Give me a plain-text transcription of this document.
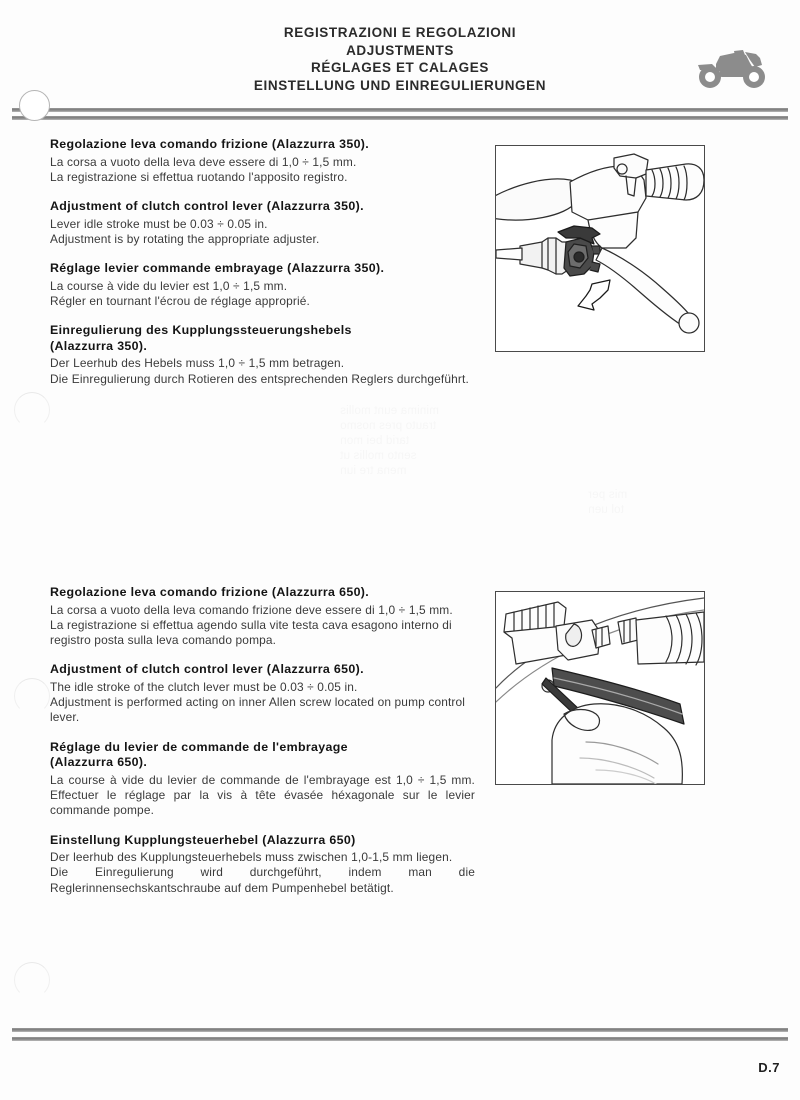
REGISTRAZIONI E REGOLAZIONI
ADJUSTMENTS
RÉGLAGES ET CALAGES
EINSTELLUNG UND EINREGULIERUNGEN
Regolazione leva comando frizione (Alazzurra 350).
La corsa a vuoto della leva deve essere di 1,0 ÷ 1,5 mm.
La registrazione si effettua ruotando l'apposito registro.
Adjustment of clutch control lever (Alazzurra 350).
Lever idle stroke must be 0.03 ÷ 0.05 in.
Adjustment is by rotating the appropriate adjuster.
Réglage levier commande embrayage (Alazzurra 350).
La course à vide du levier est 1,0 ÷ 1,5 mm.
Régler en tournant l'écrou de réglage approprié.
Einregulierung des Kupplungssteuerungshebels
(Alazzurra 350).
Der Leerhub des Hebels muss 1,0 ÷ 1,5 mm betragen.
Die Einregulierung durch Rotieren des entsprechenden Reglers durchgeführt.
minima eunt mollis
trauto pres nosmo
tarid bei mon
sento mollis ut
mena tre iun
mis per
tol uen
Regolazione leva comando frizione (Alazzurra 650).
La corsa a vuoto della leva comando frizione deve essere di 1,0 ÷ 1,5 mm.
La registrazione si effettua agendo sulla vite testa cava esagono interno di registro posta sulla leva comando pompa.
Adjustment of clutch control lever (Alazzurra 650).
The idle stroke of the clutch lever must be 0.03 ÷ 0.05 in.
Adjustment is performed acting on inner Allen screw located on pump control lever.
Réglage du levier de commande de l'embrayage
(Alazzurra 650).
La course à vide du levier de commande de l'embrayage est 1,0 ÷ 1,5 mm. Effectuer le réglage par la vis à tête évasée héxagonale sur le levier commande pompe.
Einstellung Kupplungsteuerhebel (Alazzurra 650)
Der leerhub des Kupplungsteuerhebels muss zwischen 1,0-1,5 mm liegen.
Die Einregulierung wird durchgeführt, indem man die Reglerinnensechskantschraube auf dem Pumpenhebel betätigt.
D.7
